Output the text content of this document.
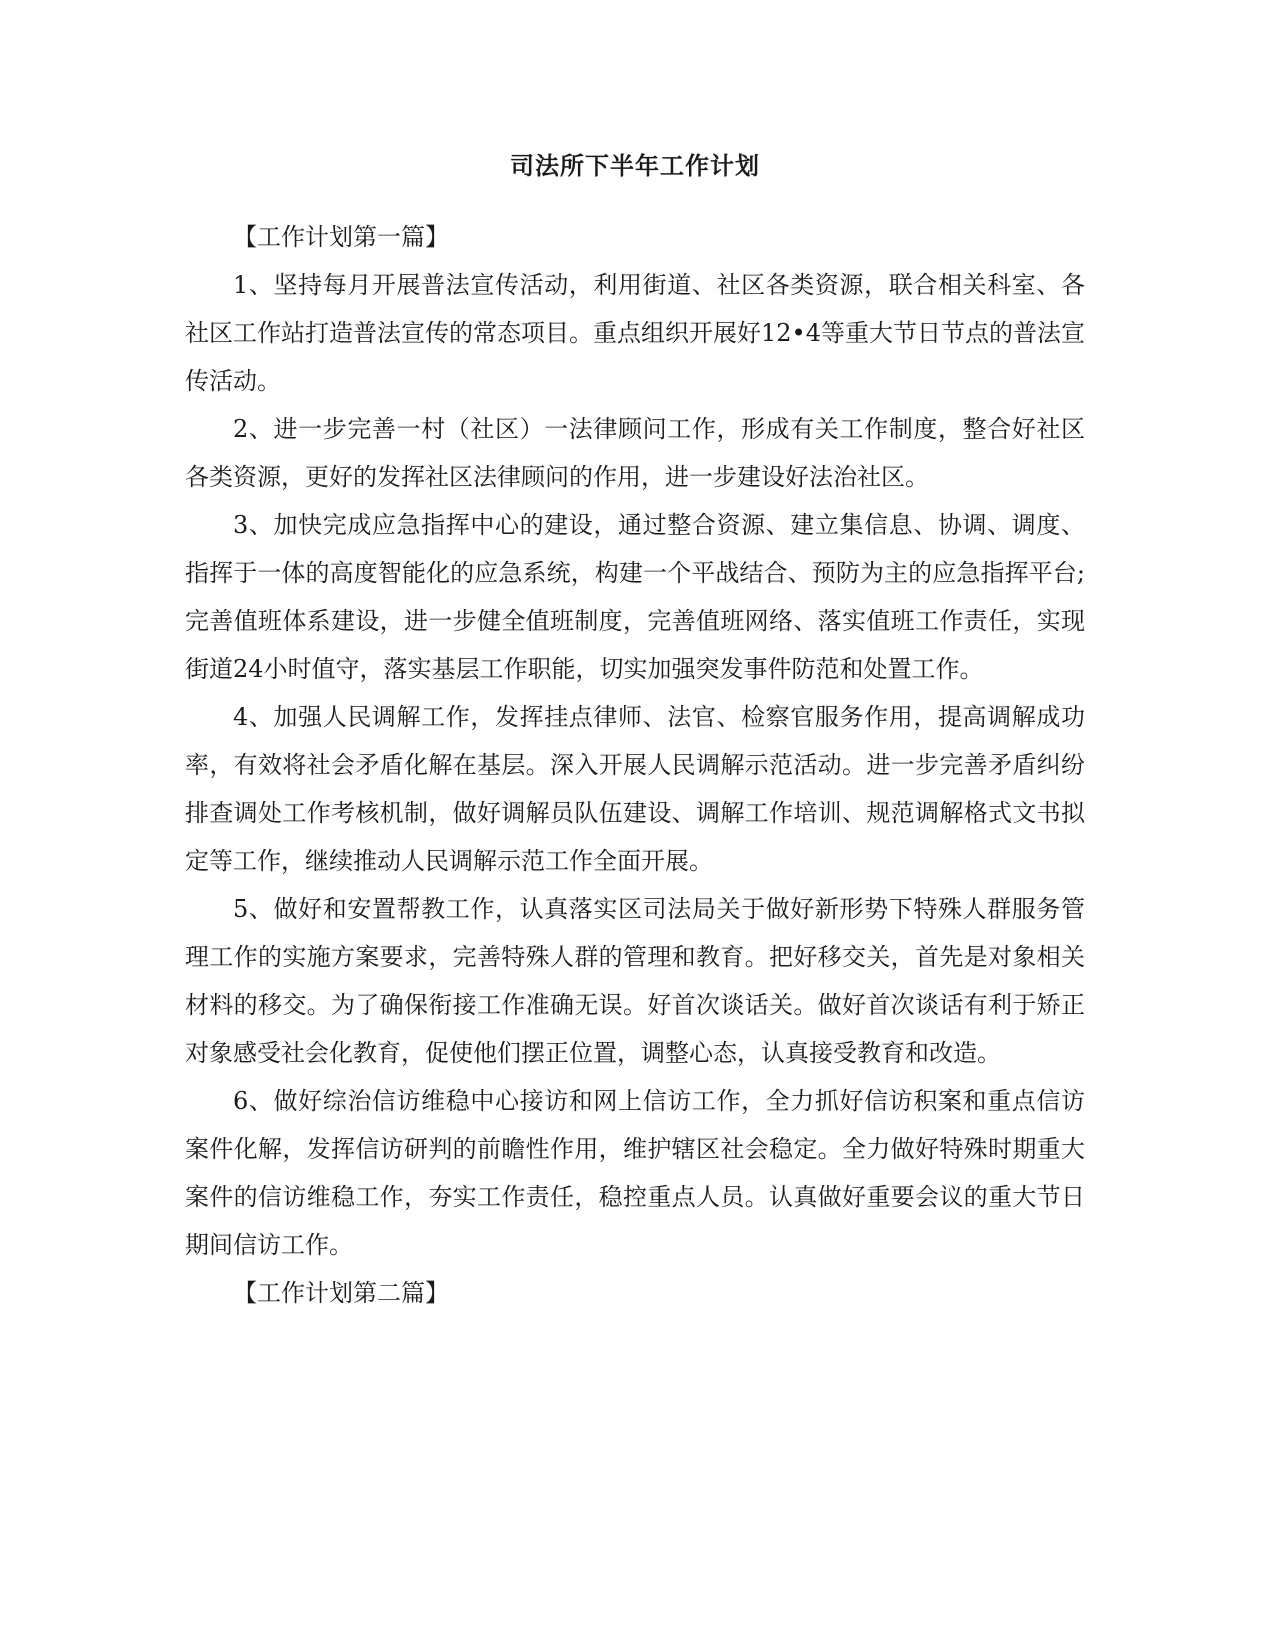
司法所下半年工作计划

【工作计划第一篇】

1、坚持每月开展普法宣传活动，利用街道、社区各类资源，联合相关科室、各社区工作站打造普法宣传的常态项目。重点组织开展好12•4等重大节日节点的普法宣传活动。

2、进一步完善一村（社区）一法律顾问工作，形成有关工作制度，整合好社区各类资源，更好的发挥社区法律顾问的作用，进一步建设好法治社区。

3、加快完成应急指挥中心的建设，通过整合资源、建立集信息、协调、调度、指挥于一体的高度智能化的应急系统，构建一个平战结合、预防为主的应急指挥平台;完善值班体系建设，进一步健全值班制度，完善值班网络、落实值班工作责任，实现街道24小时值守，落实基层工作职能，切实加强突发事件防范和处置工作。

4、加强人民调解工作，发挥挂点律师、法官、检察官服务作用，提高调解成功率，有效将社会矛盾化解在基层。深入开展人民调解示范活动。进一步完善矛盾纠纷排查调处工作考核机制，做好调解员队伍建设、调解工作培训、规范调解格式文书拟定等工作，继续推动人民调解示范工作全面开展。

5、做好和安置帮教工作，认真落实区司法局关于做好新形势下特殊人群服务管理工作的实施方案要求，完善特殊人群的管理和教育。把好移交关，首先是对象相关材料的移交。为了确保衔接工作准确无误。好首次谈话关。做好首次谈话有利于矫正对象感受社会化教育，促使他们摆正位置，调整心态，认真接受教育和改造。

6、做好综治信访维稳中心接访和网上信访工作，全力抓好信访积案和重点信访案件化解，发挥信访研判的前瞻性作用，维护辖区社会稳定。全力做好特殊时期重大案件的信访维稳工作，夯实工作责任，稳控重点人员。认真做好重要会议的重大节日期间信访工作。

【工作计划第二篇】
